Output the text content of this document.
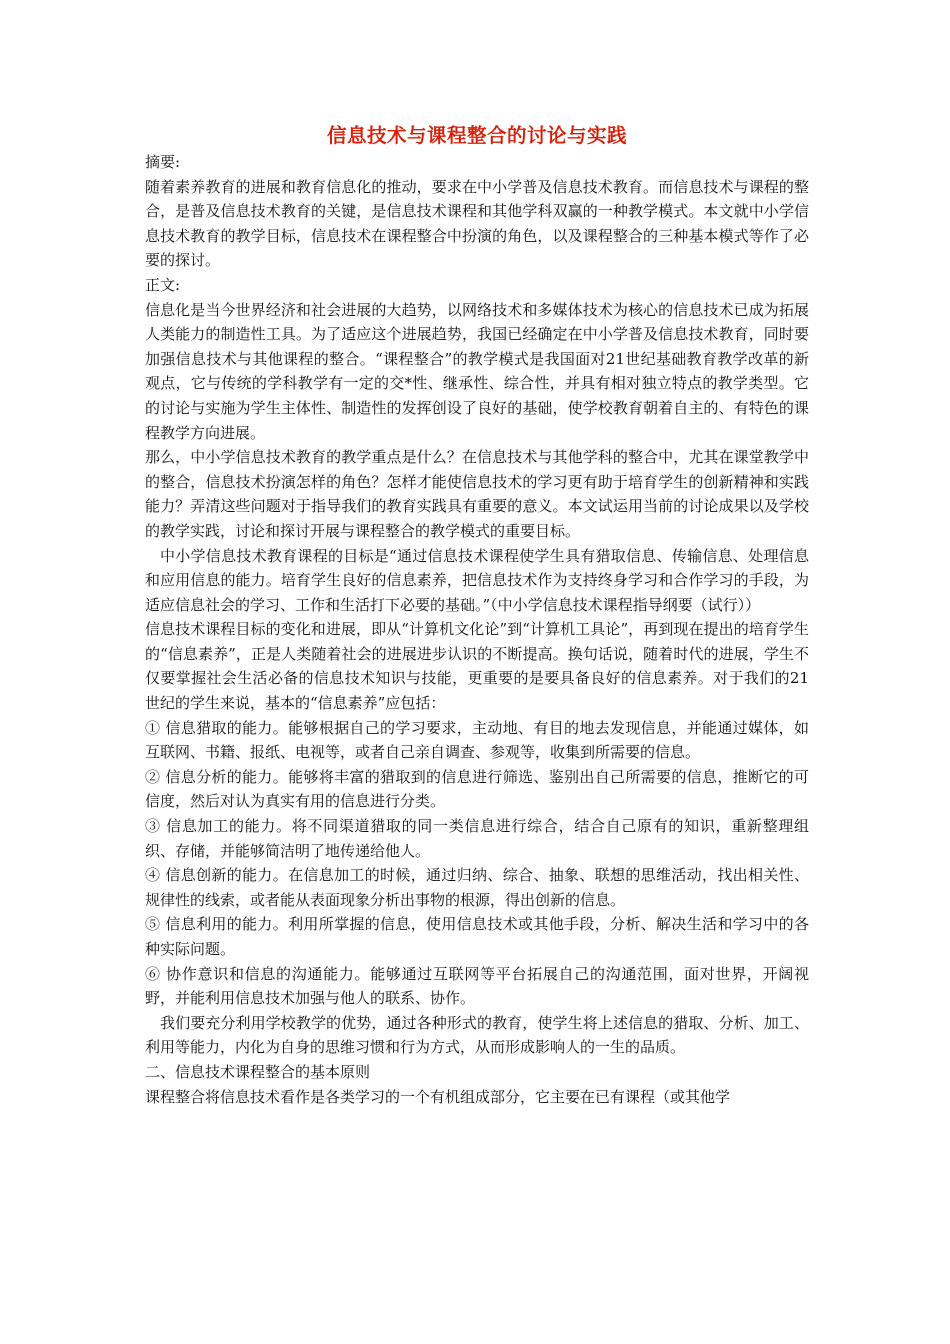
信息技术与课程整合的讨论与实践

摘要:

随着素养教育的进展和教育信息化的推动，要求在中小学普及信息技术教育。而信息技术与课程的整合，是普及信息技术教育的关键，是信息技术课程和其他学科双赢的一种教学模式。本文就中小学信息技术教育的教学目标，信息技术在课程整合中扮演的角色，以及课程整合的三种基本模式等作了必要的探讨。

正文:

信息化是当今世界经济和社会进展的大趋势，以网络技术和多媒体技术为核心的信息技术已成为拓展人类能力的制造性工具。为了适应这个进展趋势，我国已经确定在中小学普及信息技术教育，同时要加强信息技术与其他课程的整合。“课程整合”的教学模式是我国面对21世纪基础教育教学改革的新观点，它与传统的学科教学有一定的交*性、继承性、综合性，并具有相对独立特点的教学类型。它的讨论与实施为学生主体性、制造性的发挥创设了良好的基础，使学校教育朝着自主的、有特色的课程教学方向进展。

那么，中小学信息技术教育的教学重点是什么？在信息技术与其他学科的整合中，尤其在课堂教学中的整合，信息技术扮演怎样的角色？怎样才能使信息技术的学习更有助于培育学生的创新精神和实践能力？弄清这些问题对于指导我们的教育实践具有重要的意义。本文试运用当前的讨论成果以及学校的教学实践，讨论和探讨开展与课程整合的教学模式的重要目标。

中小学信息技术教育课程的目标是“通过信息技术课程使学生具有猎取信息、传输信息、处理信息和应用信息的能力。培育学生良好的信息素养，把信息技术作为支持终身学习和合作学习的手段，为适应信息社会的学习、工作和生活打下必要的基础。”（中小学信息技术课程指导纲要（试行））

信息技术课程目标的变化和进展，即从“计算机文化论”到“计算机工具论”，再到现在提出的培育学生的“信息素养”，正是人类随着社会的进展进步认识的不断提高。换句话说，随着时代的进展，学生不仅要掌握社会生活必备的信息技术知识与技能，更重要的是要具备良好的信息素养。对于我们的21世纪的学生来说，基本的“信息素养”应包括：

① 信息猎取的能力。能够根据自己的学习要求，主动地、有目的地去发现信息，并能通过媒体，如互联网、书籍、报纸、电视等，或者自己亲自调查、参观等，收集到所需要的信息。

② 信息分析的能力。能够将丰富的猎取到的信息进行筛选、鉴别出自己所需要的信息，推断它的可信度，然后对认为真实有用的信息进行分类。

③ 信息加工的能力。将不同渠道猎取的同一类信息进行综合，结合自己原有的知识，重新整理组织、存储，并能够简洁明了地传递给他人。

④ 信息创新的能力。在信息加工的时候，通过归纳、综合、抽象、联想的思维活动，找出相关性、规律性的线索，或者能从表面现象分析出事物的根源，得出创新的信息。

⑤ 信息利用的能力。利用所掌握的信息，使用信息技术或其他手段，分析、解决生活和学习中的各种实际问题。

⑥ 协作意识和信息的沟通能力。能够通过互联网等平台拓展自己的沟通范围，面对世界，开阔视野，并能利用信息技术加强与他人的联系、协作。

我们要充分利用学校教学的优势，通过各种形式的教育，使学生将上述信息的猎取、分析、加工、利用等能力，内化为自身的思维习惯和行为方式，从而形成影响人的一生的品质。

二、信息技术课程整合的基本原则

课程整合将信息技术看作是各类学习的一个有机组成部分，它主要在已有课程（或其他学
